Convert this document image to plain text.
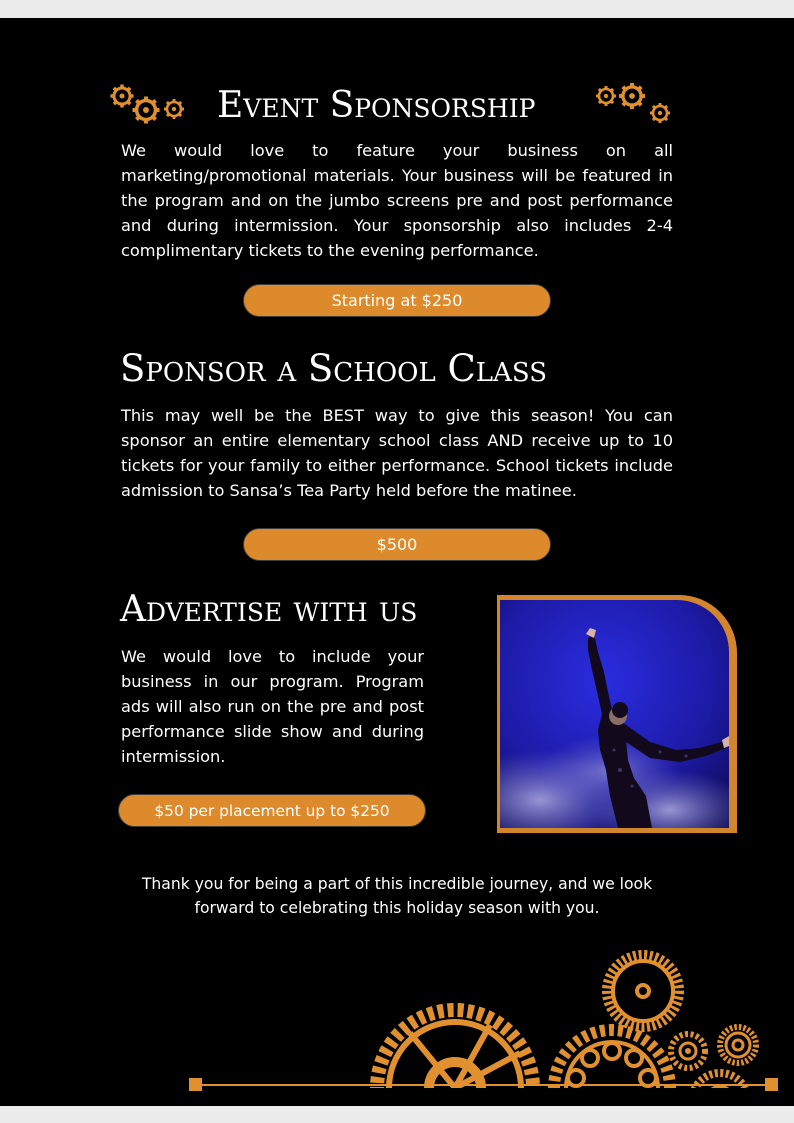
Event Sponsorship

We would love to feature your business on all marketing/promotional materials. Your business will be featured in the program and on the jumbo screens pre and post performance and during intermission. Your sponsorship also includes 2-4 complimentary tickets to the evening performance.

Starting at $250
Sponsor a School Class

This may well be the BEST way to give this season! You can sponsor an entire elementary school class AND receive up to 10 tickets for your family to either performance. School tickets include admission to Sansa’s Tea Party held before the matinee.

$500
Advertise with us

We would love to include your business in our program. Program ads will also run on the pre and post performance slide show and during intermission.

$50 per placement up to $250

Thank you for being a part of this incredible journey, and we look forward to celebrating this holiday season with you.
